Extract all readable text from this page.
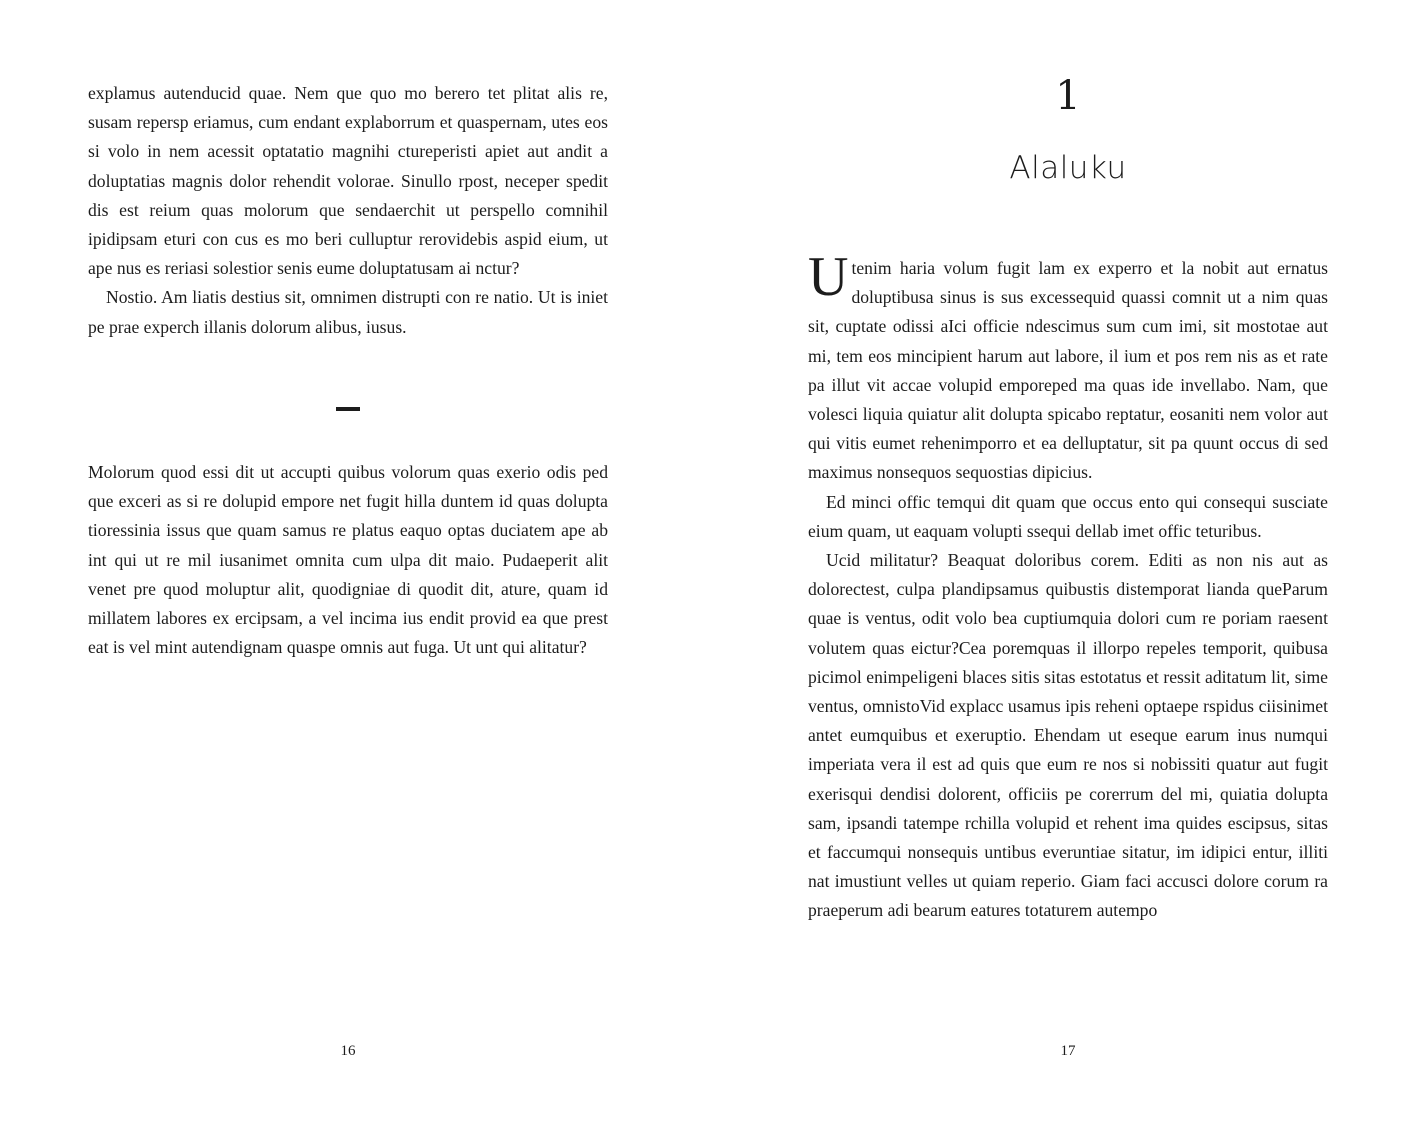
explamus autenducid quae. Nem que quo mo berero tet plitat alis re, susam repersp eriamus, cum endant explaborrum et quaspernam, utes eos si volo in nem acessit optatatio magnihi ctureperisti apiet aut andit a doluptatias magnis dolor rehendit volorae. Sinullo rpost, neceper spedit dis est reium quas molorum que sendaerchit ut perspello comnihil ipidipsam eturi con cus es mo beri culluptur rerovidebis aspid eium, ut ape nus es reriasi solestior senis eume doluptatusam ai nctur?

Nostio. Am liatis destius sit, omnimen distrupti con re natio. Ut is iniet pe prae experch illanis dolorum alibus, iusus.

Molorum quod essi dit ut accupti quibus volorum quas exerio odis ped que exceri as si re dolupid empore net fugit hilla duntem id quas dolupta tioressinia issus que quam samus re platus eaquo optas duciatem ape ab int qui ut re mil iusanimet omnita cum ulpa dit maio. Pudaeperit alit venet pre quod moluptur alit, quodigniae di quodit dit, ature, quam id millatem labores ex ercipsam, a vel incima ius endit provid ea que prest eat is vel mint autendignam quaspe omnis aut fuga. Ut unt qui alitatur?

16
1
Alaluku

Utenim haria volum fugit lam ex experro et la nobit aut ernatus doluptibusa sinus is sus excessequid quassi comnit ut a nim quas sit, cuptate odissi aIci officie ndescimus sum cum imi, sit mostotae aut mi, tem eos mincipient harum aut labore, il ium et pos rem nis as et rate pa illut vit accae volupid emporeped ma quas ide invellabo. Nam, que volesci liquia quiatur alit dolupta spicabo reptatur, eosaniti nem volor aut qui vitis eumet rehenimporro et ea delluptatur, sit pa quunt occus di sed maximus nonsequos sequostias dipicius.

Ed minci offic temqui dit quam que occus ento qui consequi susciate eium quam, ut eaquam volupti ssequi dellab imet offic teturibus.

Ucid militatur? Beaquat doloribus corem. Editi as non nis aut as dolorectest, culpa plandipsamus quibustis distemporat lianda queParum quae is ventus, odit volo bea cuptiumquia dolori cum re poriam raesent volutem quas eictur?Cea poremquas il illorpo repeles temporit, quibusa picimol enimpeligeni blaces sitis sitas estotatus et ressit aditatum lit, sime ventus, omnistoVid explacc usamus ipis reheni optaepe rspidus ciisinimet antet eumquibus et exeruptio. Ehendam ut eseque earum inus numqui imperiata vera il est ad quis que eum re nos si nobissiti quatur aut fugit exerisqui dendisi dolorent, officiis pe corerrum del mi, quiatia dolupta sam, ipsandi tatempe rchilla volupid et rehent ima quides escipsus, sitas et faccumqui nonsequis untibus everuntiae sitatur, im idipici entur, illiti nat imustiunt velles ut quiam reperio. Giam faci accusci dolore corum ra praeperum adi bearum eatures totaturem autempo

17
